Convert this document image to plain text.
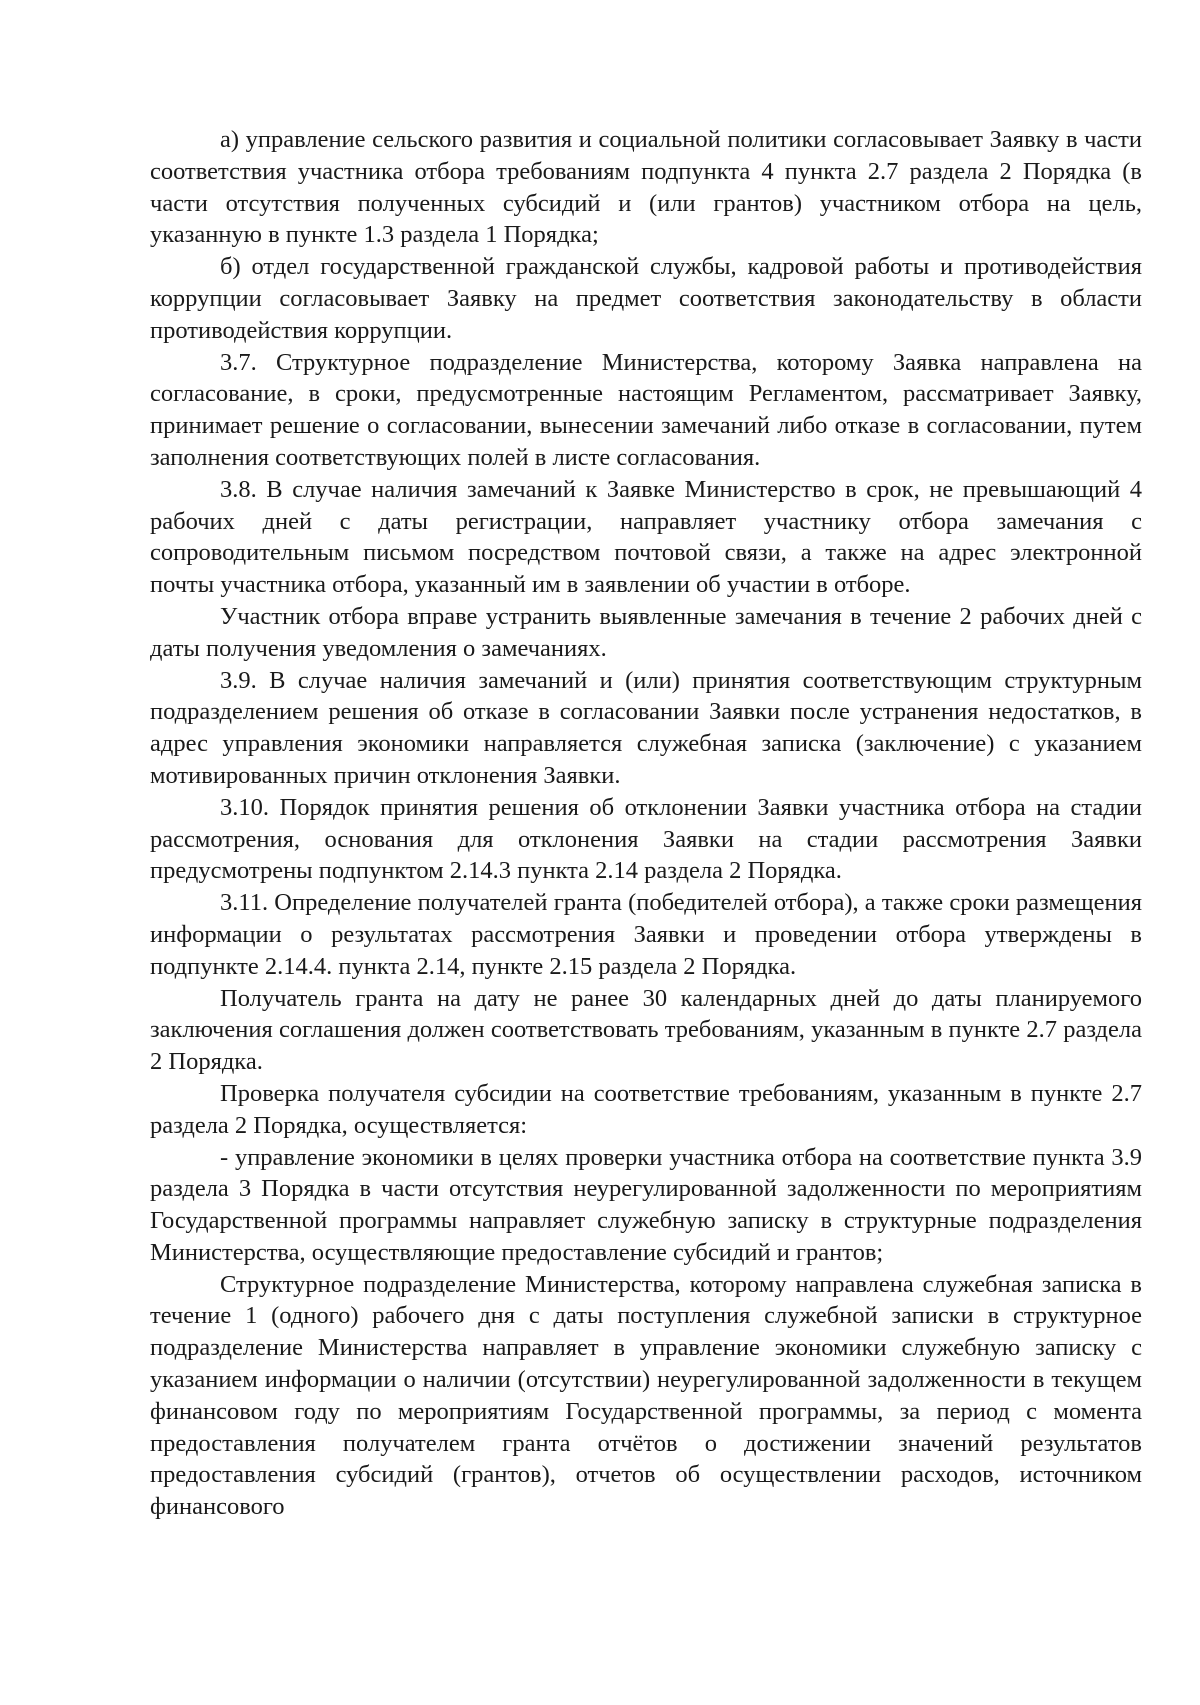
а) управление сельского развития и социальной политики согласовывает Заявку в части соответствия участника отбора требованиям подпункта 4 пункта 2.7 раздела 2 Порядка (в части отсутствия полученных субсидий и (или грантов) участником отбора на цель, указанную в пункте 1.3 раздела 1 Порядка;

б) отдел государственной гражданской службы, кадровой работы и противодействия коррупции согласовывает Заявку на предмет соответствия законодательству в области противодействия коррупции.

3.7. Структурное подразделение Министерства, которому Заявка направлена на согласование, в сроки, предусмотренные настоящим Регламентом, рассматривает Заявку, принимает решение о согласовании, вынесении замечаний либо отказе в согласовании, путем заполнения соответствующих полей в листе согласования.

3.8. В случае наличия замечаний к Заявке Министерство в срок, не превышающий 4 рабочих дней с даты регистрации, направляет участнику отбора замечания с сопроводительным письмом посредством почтовой связи, а также на адрес электронной почты участника отбора, указанный им в заявлении об участии в отборе.

Участник отбора вправе устранить выявленные замечания в течение 2 рабочих дней с даты получения уведомления о замечаниях.

3.9. В случае наличия замечаний и (или) принятия соответствующим структурным подразделением решения об отказе в согласовании Заявки после устранения недостатков, в адрес управления экономики направляется служебная записка (заключение) с указанием мотивированных причин отклонения Заявки.

3.10. Порядок принятия решения об отклонении Заявки участника отбора на стадии рассмотрения, основания для отклонения Заявки на стадии рассмотрения Заявки предусмотрены подпунктом 2.14.3 пункта 2.14 раздела 2 Порядка.

3.11. Определение получателей гранта (победителей отбора), а также сроки размещения информации о результатах рассмотрения Заявки и проведении отбора утверждены в подпункте 2.14.4. пункта 2.14, пункте 2.15 раздела 2 Порядка.

Получатель гранта на дату не ранее 30 календарных дней до даты планируемого заключения соглашения должен соответствовать требованиям, указанным в пункте 2.7 раздела 2 Порядка.

Проверка получателя субсидии на соответствие требованиям, указанным в пункте 2.7 раздела 2 Порядка, осуществляется:

- управление экономики в целях проверки участника отбора на соответствие пункта 3.9 раздела 3 Порядка в части отсутствия неурегулированной задолженности по мероприятиям Государственной программы направляет служебную записку в структурные подразделения Министерства, осуществляющие предоставление субсидий и грантов;

Структурное подразделение Министерства, которому направлена служебная записка в течение 1 (одного) рабочего дня с даты поступления служебной записки в структурное подразделение Министерства направляет в управление экономики служебную записку с указанием информации о наличии (отсутствии) неурегулированной задолженности в текущем финансовом году по мероприятиям Государственной программы, за период с момента предоставления получателем гранта отчётов о достижении значений результатов предоставления субсидий (грантов), отчетов об осуществлении расходов, источником финансового
